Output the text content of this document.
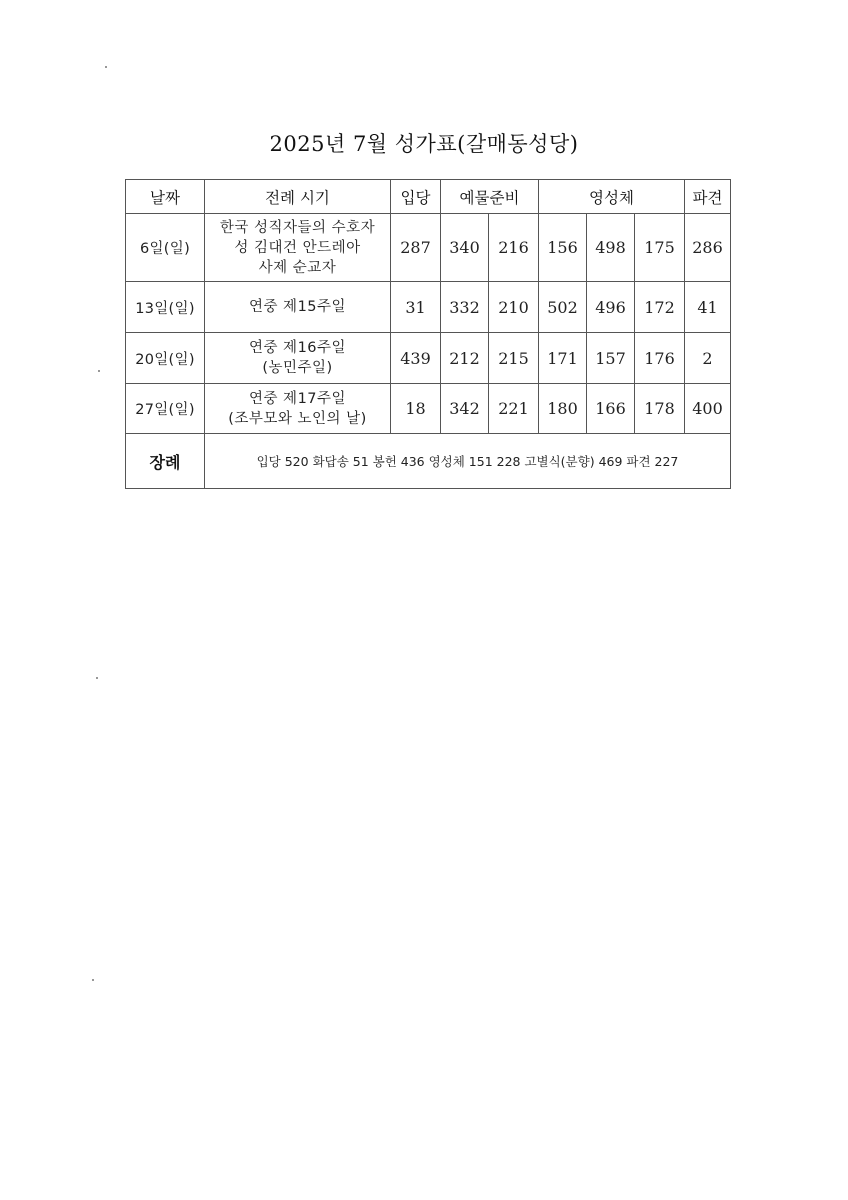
2025년 7월 성가표(갈매동성당)
날짜	전례 시기	입당	예물준비		영성체			파견
6일(일)	한국 성직자들의 수호자
성 김대건 안드레아
사제 순교자	287	340	216	156	498	175	286
13일(일)	연중 제15주일	31	332	210	502	496	172	41
20일(일)	연중 제16주일
(농민주일)	439	212	215	171	157	176	2
27일(일)	연중 제17주일
(조부모와 노인의 날)	18	342	221	180	166	178	400
장례	입당 520 화답송 51 봉헌 436 영성체 151 228 고별식(분향) 469 파견 227							
